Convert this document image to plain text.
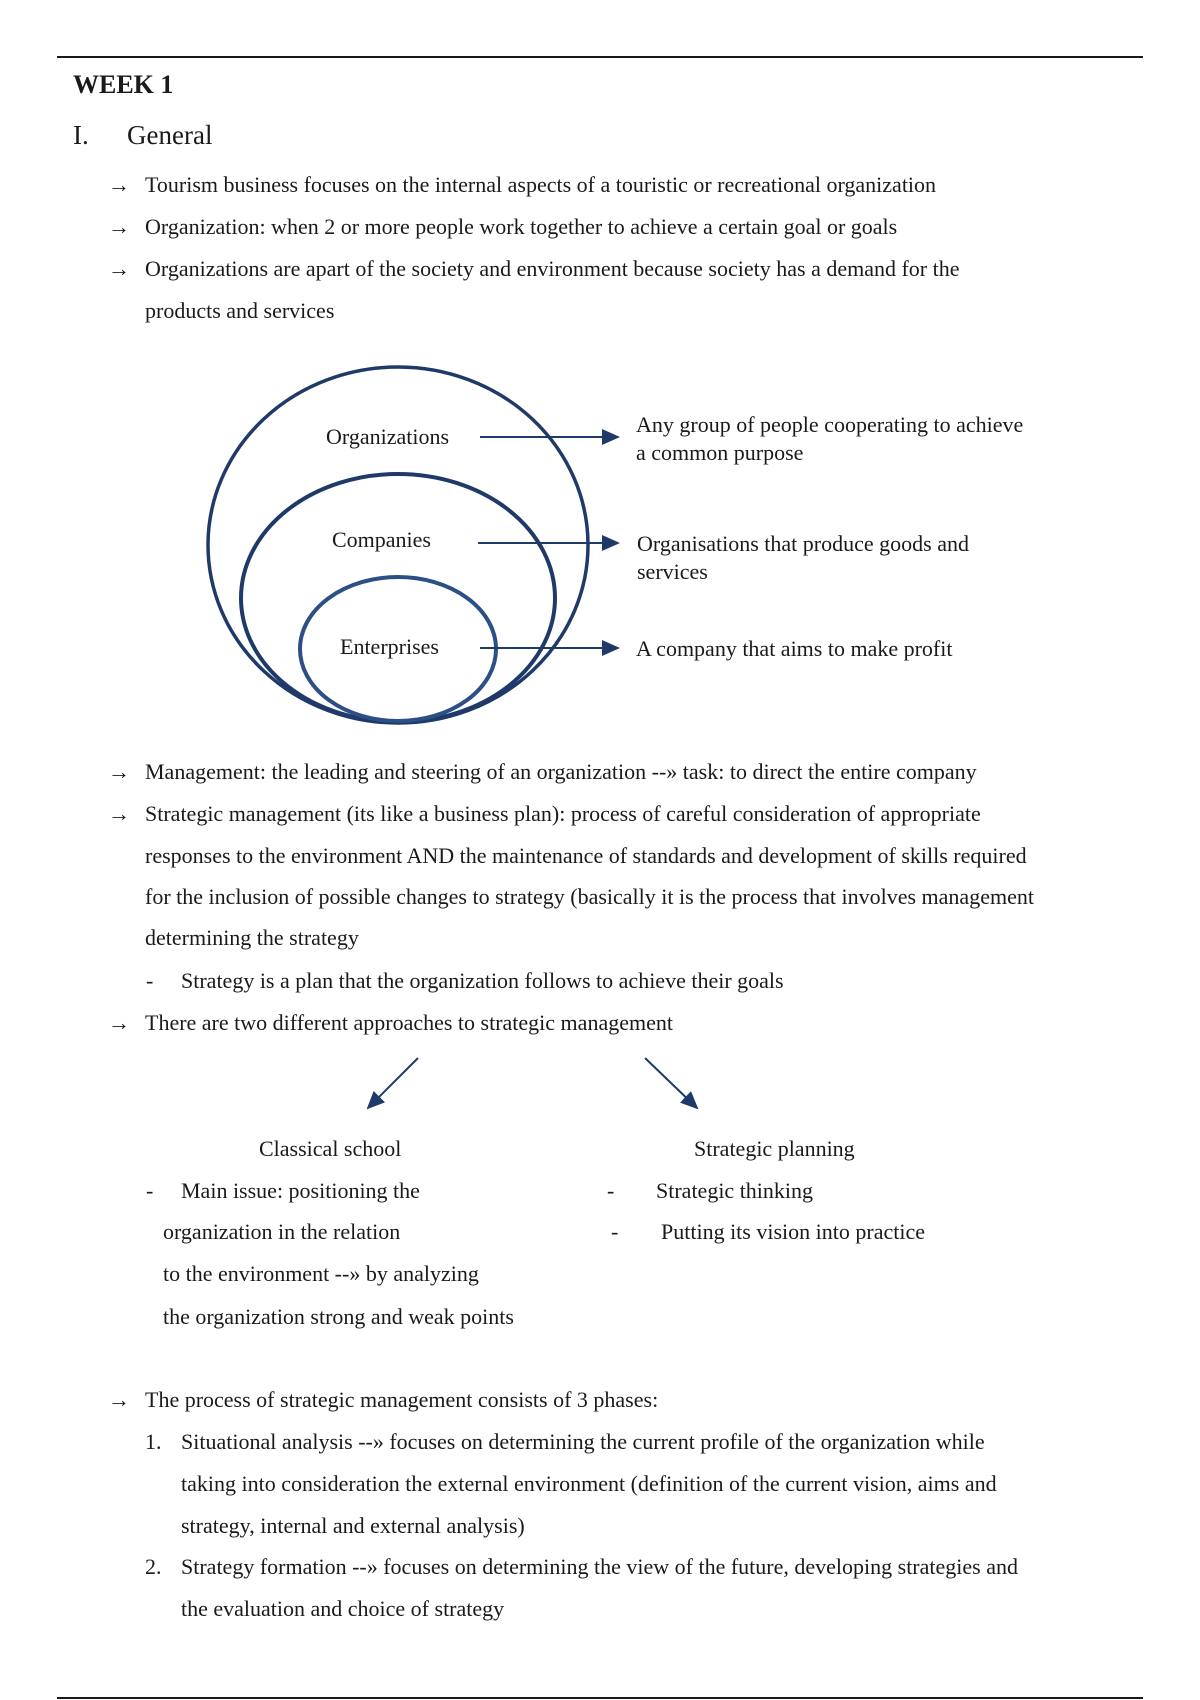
WEEK 1
I. General
→ Tourism business focuses on the internal aspects of a touristic or recreational organization
→ Organization: when 2 or more people work together to achieve a certain goal or goals
→ Organizations are apart of the society and environment because society has a demand for the
products and services
Organizations
Companies
Enterprises
Any group of people cooperating to achieve
a common purpose
Organisations that produce goods and
services
A company that aims to make profit
→ Management: the leading and steering of an organization --» task: to direct the entire company
→ Strategic management (its like a business plan): process of careful consideration of appropriate
responses to the environment AND the maintenance of standards and development of skills required
for the inclusion of possible changes to strategy (basically it is the process that involves management
determining the strategy
- Strategy is a plan that the organization follows to achieve their goals
→ There are two different approaches to strategic management
Classical school
- Main issue: positioning the
organization in the relation
to the environment --» by analyzing
the organization strong and weak points
Strategic planning
- Strategic thinking
- Putting its vision into practice
→ The process of strategic management consists of 3 phases:
1. Situational analysis --» focuses on determining the current profile of the organization while
taking into consideration the external environment (definition of the current vision, aims and
strategy, internal and external analysis)
2. Strategy formation --» focuses on determining the view of the future, developing strategies and
the evaluation and choice of strategy
